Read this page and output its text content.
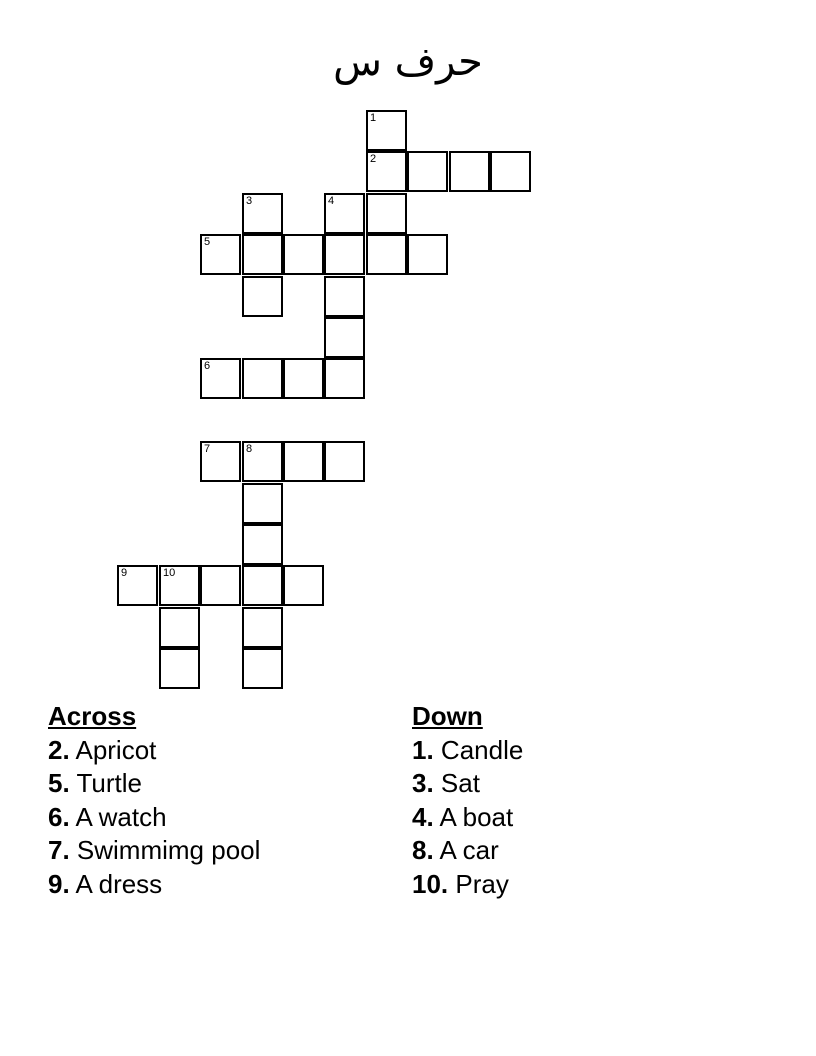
حرف س
1
2
3	4
5
6
7	8
9	10
Across
2. Apricot
5. Turtle
6. A watch
7. Swimmimg pool
9. A dress
Down
1. Candle
3. Sat
4. A boat
8. A car
10. Pray
